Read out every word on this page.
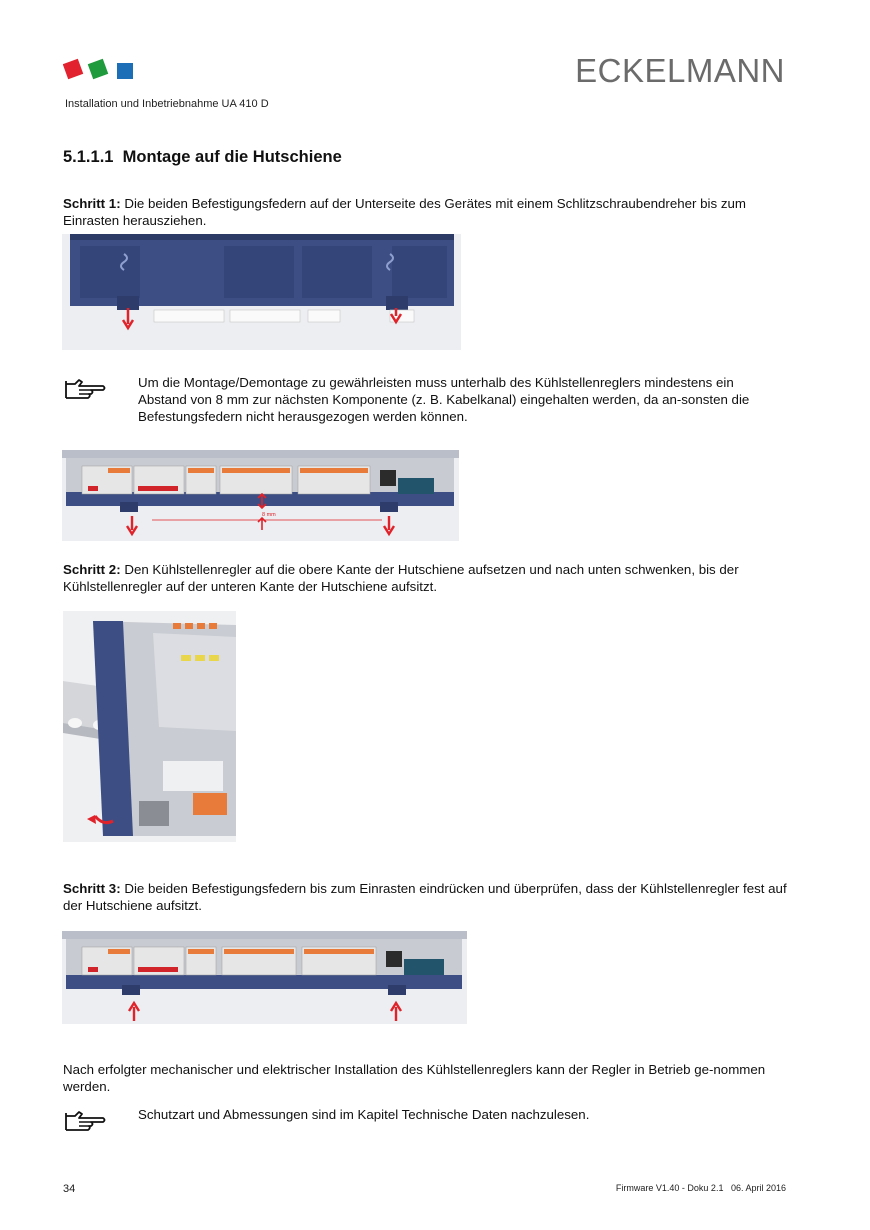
Installation und Inbetriebnahme UA 410 D
ECKELMANN
5.1.1.1 Montage auf die Hutschiene
Schritt 1: Die beiden Befestigungsfedern auf der Unterseite des Gerätes mit einem Schlitzschraubendreher bis zum Einrasten herausziehen.
Um die Montage/Demontage zu gewährleisten muss unterhalb des Kühlstellenreglers mindestens ein Abstand von 8 mm zur nächsten Komponente (z. B. Kabelkanal) eingehalten werden, da an-sonsten die Befestungsfedern nicht herausgezogen werden können.
8 mm
Schritt 2: Den Kühlstellenregler auf die obere Kante der Hutschiene aufsetzen und nach unten schwenken, bis der Kühlstellenregler auf der unteren Kante der Hutschiene aufsitzt.
Schritt 3: Die beiden Befestigungsfedern bis zum Einrasten eindrücken und überprüfen, dass der Kühlstellenregler fest auf der Hutschiene aufsitzt.
Nach erfolgter mechanischer und elektrischer Installation des Kühlstellenreglers kann der Regler in Betrieb ge-nommen werden.
Schutzart und Abmessungen sind im Kapitel Technische Daten nachzulesen.
34	Firmware V1.40 - Doku 2.1   06. April 2016
